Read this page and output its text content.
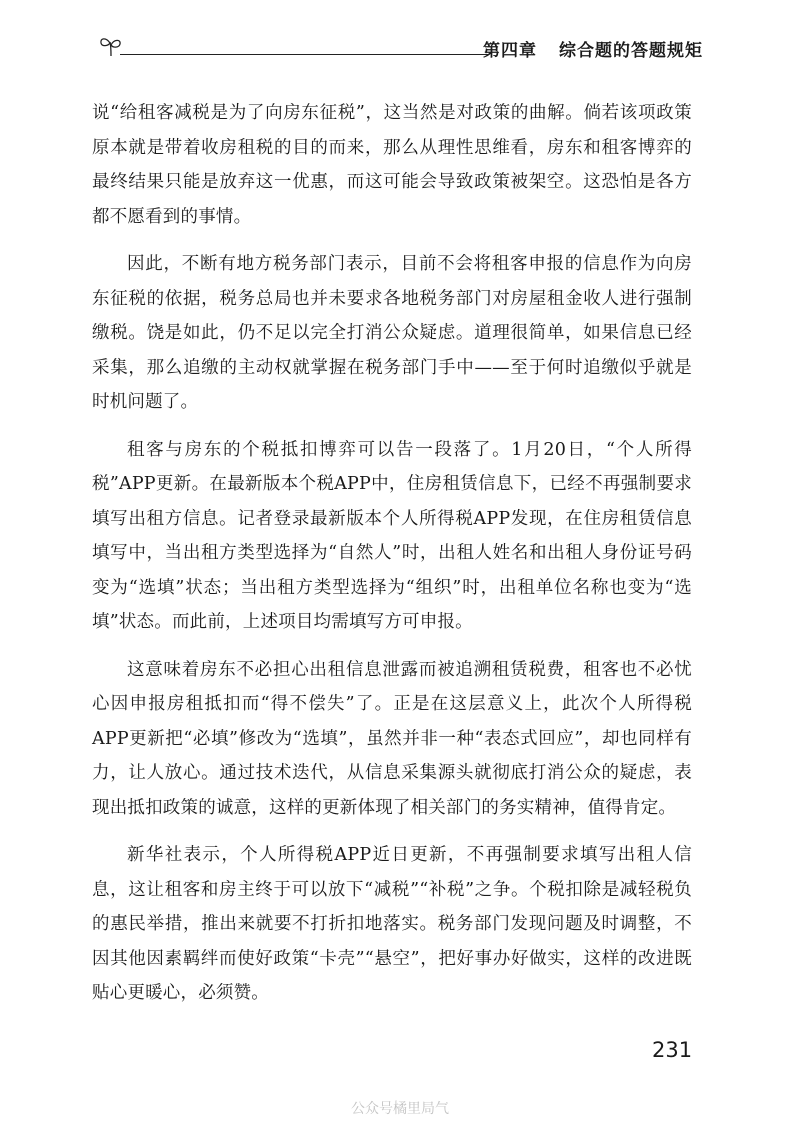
第四章 综合题的答题规矩

说“给租客减税是为了向房东征税”，这当然是对政策的曲解。倘若该项政策原本就是带着收房租税的目的而来，那么从理性思维看，房东和租客博弈的最终结果只能是放弃这一优惠，而这可能会导致政策被架空。这恐怕是各方都不愿看到的事情。

因此，不断有地方税务部门表示，目前不会将租客申报的信息作为向房东征税的依据，税务总局也并未要求各地税务部门对房屋租金收人进行强制缴税。饶是如此，仍不足以完全打消公众疑虑。道理很简单，如果信息已经采集，那么追缴的主动权就掌握在税务部门手中——至于何时追缴似乎就是时机问题了。

租客与房东的个税抵扣博弈可以告一段落了。1月20日，“个人所得税”APP更新。在最新版本个税APP中，住房租赁信息下，已经不再强制要求填写出租方信息。记者登录最新版本个人所得税APP发现，在住房租赁信息填写中，当出租方类型选择为“自然人”时，出租人姓名和出租人身份证号码变为“选填”状态；当出租方类型选择为“组织”时，出租单位名称也变为“选填”状态。而此前，上述项目均需填写方可申报。

这意味着房东不必担心出租信息泄露而被追溯租赁税费，租客也不必忧心因申报房租抵扣而“得不偿失”了。正是在这层意义上，此次个人所得税APP更新把“必填”修改为“选填”，虽然并非一种“表态式回应”，却也同样有力，让人放心。通过技术迭代，从信息采集源头就彻底打消公众的疑虑，表现出抵扣政策的诚意，这样的更新体现了相关部门的务实精神，值得肯定。

新华社表示，个人所得税APP近日更新，不再强制要求填写出租人信息，这让租客和房主终于可以放下“减税”“补税”之争。个税扣除是减轻税负的惠民举措，推出来就要不打折扣地落实。税务部门发现问题及时调整，不因其他因素羁绊而使好政策“卡壳”“悬空”，把好事办好做实，这样的改进既贴心更暖心，必须赞。

231
公众号橘里局气
